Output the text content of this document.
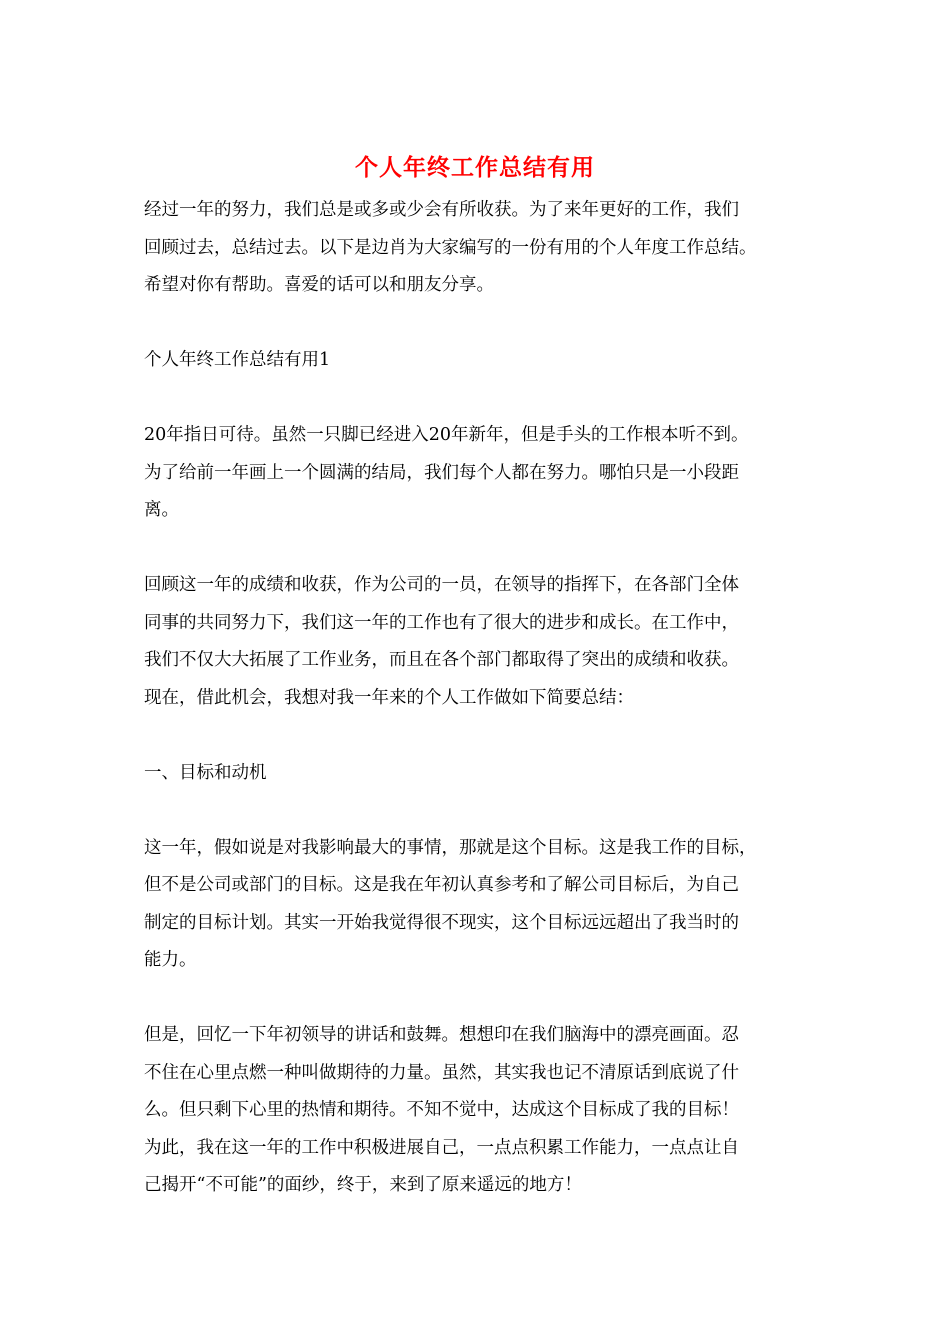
个人年终工作总结有用
经过一年的努力，我们总是或多或少会有所收获。为了来年更好的工作，我们
回顾过去，总结过去。以下是边肖为大家编写的一份有用的个人年度工作总结。
希望对你有帮助。喜爱的话可以和朋友分享。
个人年终工作总结有用1
20年指日可待。虽然一只脚已经进入20年新年，但是手头的工作根本听不到。
为了给前一年画上一个圆满的结局，我们每个人都在努力。哪怕只是一小段距
离。
回顾这一年的成绩和收获，作为公司的一员，在领导的指挥下，在各部门全体
同事的共同努力下，我们这一年的工作也有了很大的进步和成长。在工作中，
我们不仅大大拓展了工作业务，而且在各个部门都取得了突出的成绩和收获。
现在，借此机会，我想对我一年来的个人工作做如下简要总结：
一、目标和动机
这一年，假如说是对我影响最大的事情，那就是这个目标。这是我工作的目标，
但不是公司或部门的目标。这是我在年初认真参考和了解公司目标后，为自己
制定的目标计划。其实一开始我觉得很不现实，这个目标远远超出了我当时的
能力。
但是，回忆一下年初领导的讲话和鼓舞。想想印在我们脑海中的漂亮画面。忍
不住在心里点燃一种叫做期待的力量。虽然，其实我也记不清原话到底说了什
么。但只剩下心里的热情和期待。不知不觉中，达成这个目标成了我的目标！
为此，我在这一年的工作中积极进展自己，一点点积累工作能力，一点点让自
己揭开“不可能”的面纱，终于，来到了原来遥远的地方！
